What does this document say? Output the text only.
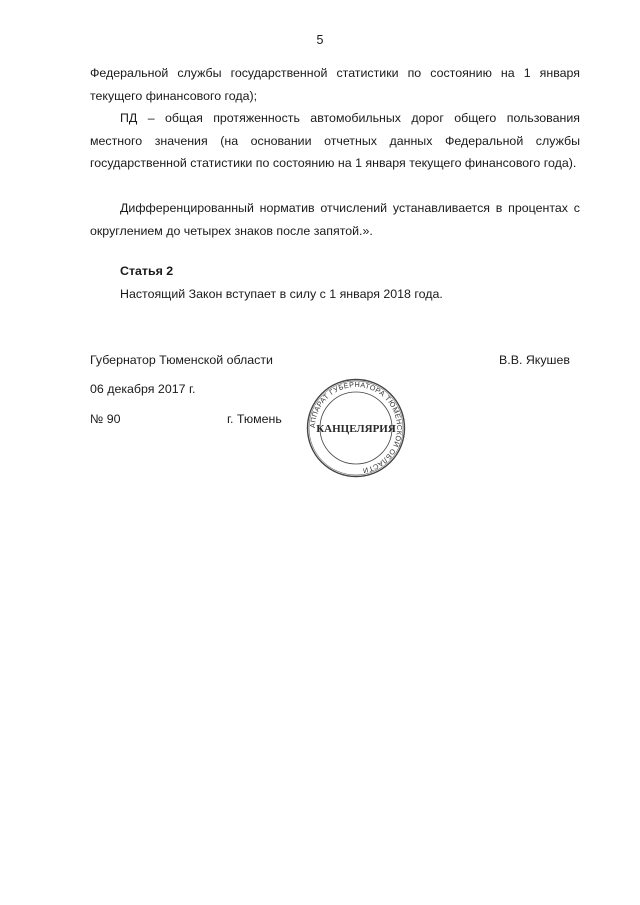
5

Федеральной службы государственной статистики по состоянию на 1 января текущего финансового года);

ПД – общая протяженность автомобильных дорог общего пользования местного значения (на основании отчетных данных Федеральной службы государственной статистики по состоянию на 1 января текущего финансового года).

Дифференцированный норматив отчислений устанавливается в процентах с округлением до четырех знаков после запятой.».

Статья 2
Настоящий Закон вступает в силу с 1 января 2018 года.
Губернатор Тюменской области	В.В. Якушев
06 декабря 2017 г.
№ 90	г. Тюмень	АППАРАТ ГУБЕРНАТОРА ТЮМЕНСКОЙ ОБЛАСТИ
КАНЦЕЛЯРИЯ
